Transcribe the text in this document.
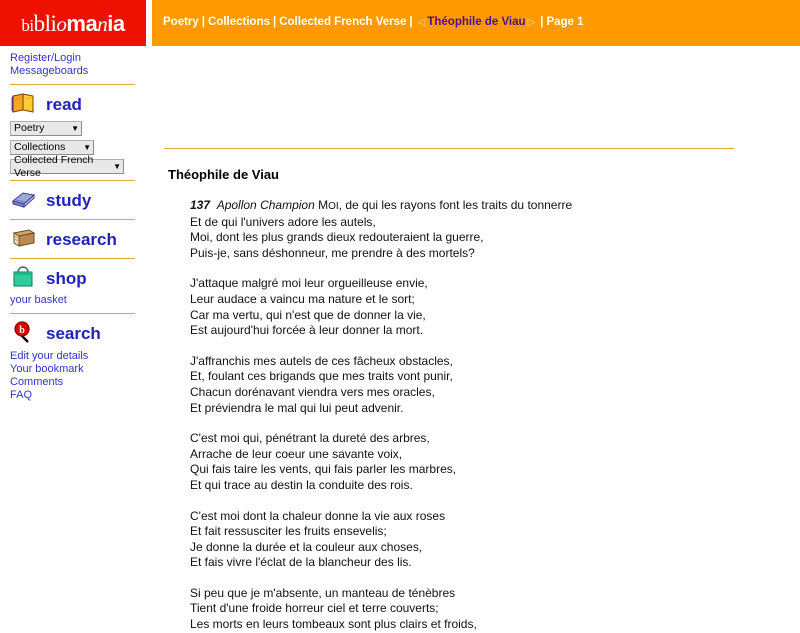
bibliomania	Poetry | Collections | Collected French Verse | ◁ Théophile de Viau ▷ | Page 1
Register/Login
Messageboards
read
Poetry	▼
Collections ▼
Collected French Verse	▼
study
research
shop
your basket
b search
Edit your details
Your bookmark
Comments
FAQ
Théophile de Viau
137 Apollon Champion MOI, de qui les rayons font les traits du tonnerre
Et de qui l'univers adore les autels,
Moi, dont les plus grands dieux redouteraient la guerre,
Puis-je, sans déshonneur, me prendre à des mortels?
J'attaque malgré moi leur orgueilleuse envie,
Leur audace a vaincu ma nature et le sort;
Car ma vertu, qui n'est que de donner la vie,
Est aujourd'hui forcée à leur donner la mort.
J'affranchis mes autels de ces fâcheux obstacles,
Et, foulant ces brigands que mes traits vont punir,
Chacun dorénavant viendra vers mes oracles,
Et préviendra le mal qui lui peut advenir.
C'est moi qui, pénétrant la dureté des arbres,
Arrache de leur coeur une savante voix,
Qui fais taire les vents, qui fais parler les marbres,
Et qui trace au destin la conduite des rois.
C'est moi dont la chaleur donne la vie aux roses
Et fait ressusciter les fruits ensevelis;
Je donne la durée et la couleur aux choses,
Et fais vivre l'éclat de la blancheur des lis.
Si peu que je m'absente, un manteau de ténèbres
Tient d'une froide horreur ciel et terre couverts;
Les morts en leurs tombeaux sont plus clairs et froids,
